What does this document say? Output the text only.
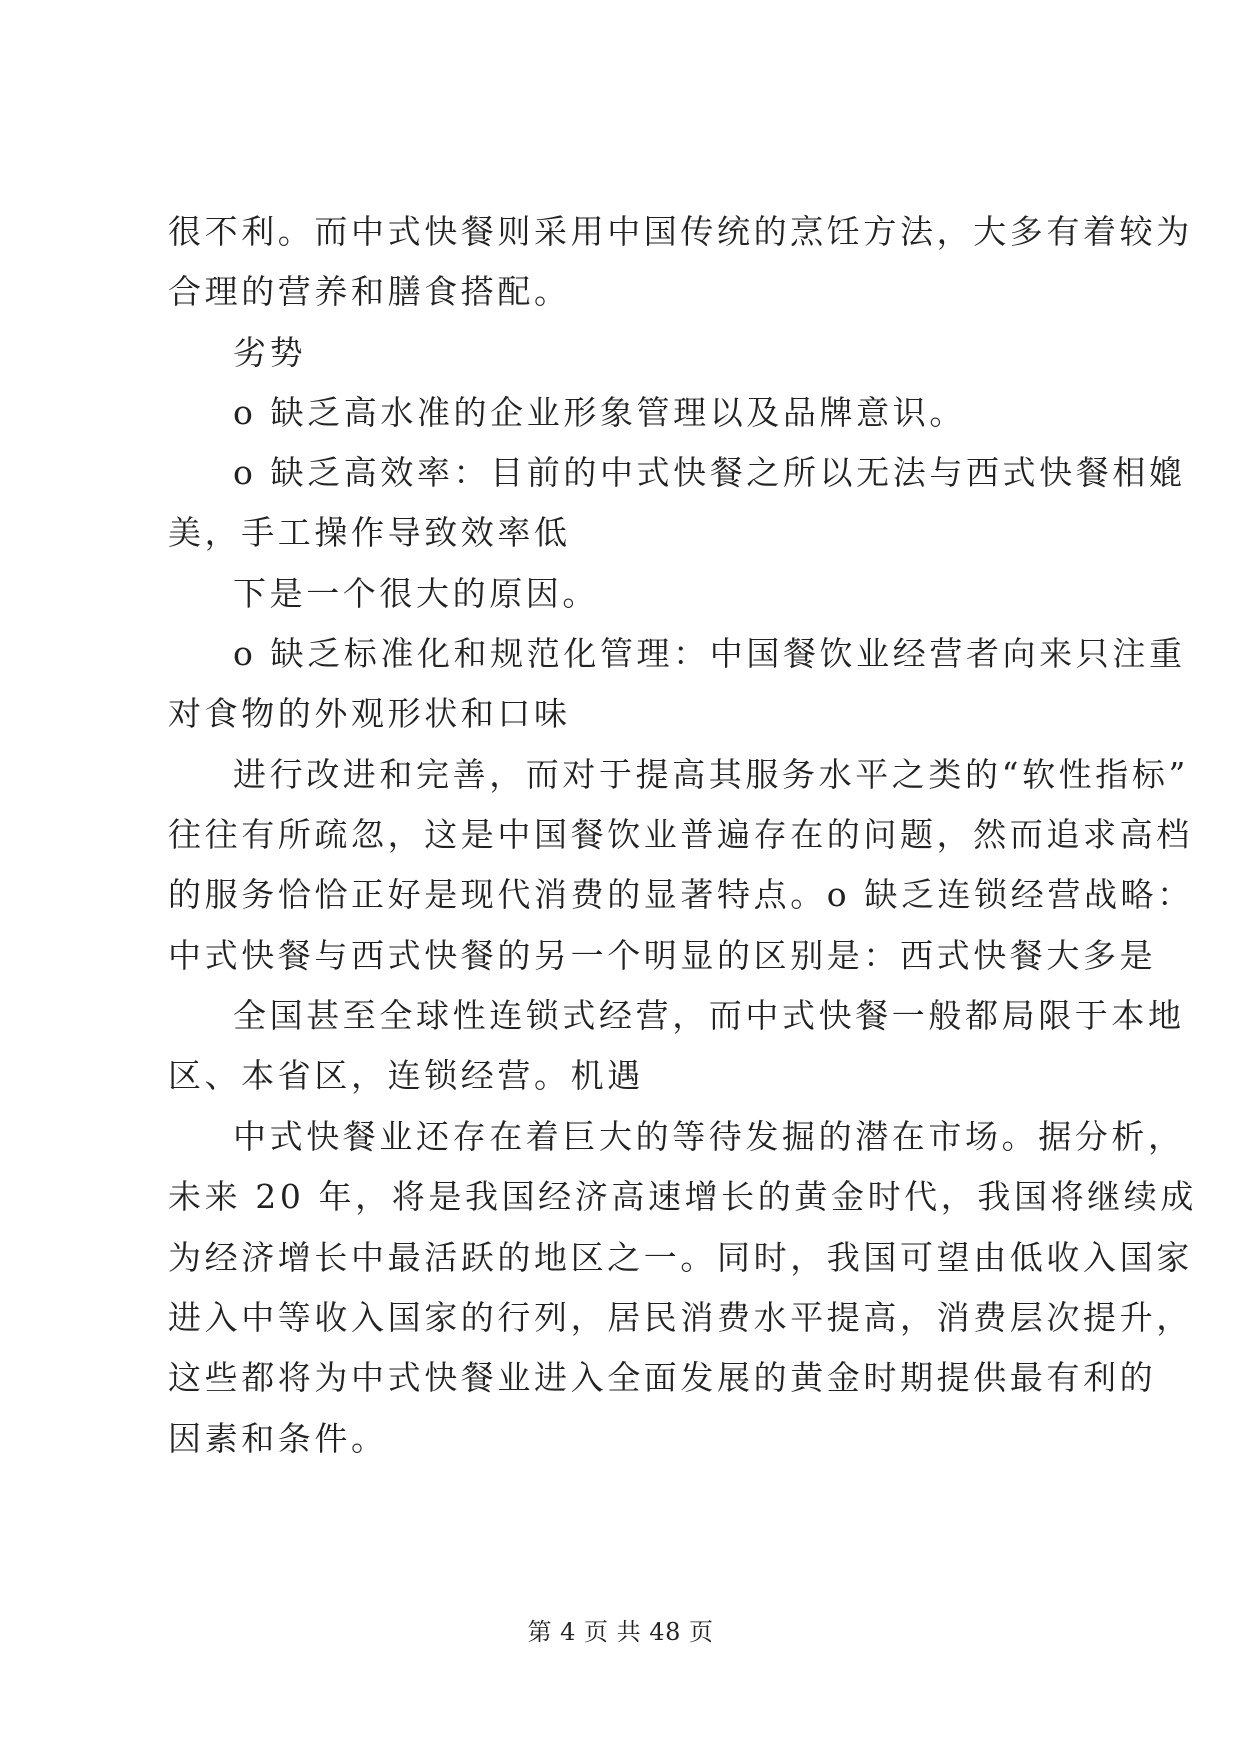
很不利。而中式快餐则采用中国传统的烹饪方法，大多有着较为
合理的营养和膳食搭配。
劣势
o 缺乏高水准的企业形象管理以及品牌意识。
o 缺乏高效率：目前的中式快餐之所以无法与西式快餐相媲
美，手工操作导致效率低
下是一个很大的原因。
o 缺乏标准化和规范化管理：中国餐饮业经营者向来只注重
对食物的外观形状和口味
进行改进和完善，而对于提高其服务水平之类的“软性指标”
往往有所疏忽，这是中国餐饮业普遍存在的问题，然而追求高档
的服务恰恰正好是现代消费的显著特点。o 缺乏连锁经营战略：
中式快餐与西式快餐的另一个明显的区别是：西式快餐大多是
全国甚至全球性连锁式经营，而中式快餐一般都局限于本地
区、本省区，连锁经营。机遇
中式快餐业还存在着巨大的等待发掘的潜在市场。据分析，
未来 20 年，将是我国经济高速增长的黄金时代，我国将继续成
为经济增长中最活跃的地区之一。同时，我国可望由低收入国家
进入中等收入国家的行列，居民消费水平提高，消费层次提升，
这些都将为中式快餐业进入全面发展的黄金时期提供最有利的
因素和条件。
第 4 页 共 48 页
